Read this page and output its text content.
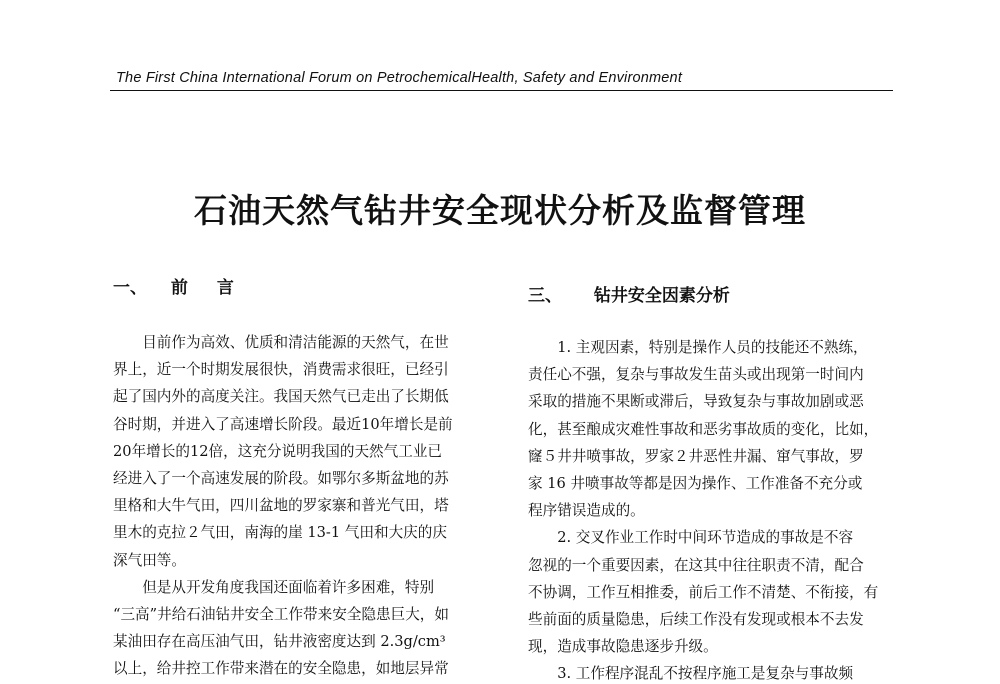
The First China International Forum on PetrochemicalHealth, Safety and Environment
石油天然气钻井安全现状分析及监督管理
一、 前　言
　　目前作为高效、优质和清洁能源的天然气，在世
界上，近一个时期发展很快，消费需求很旺，已经引
起了国内外的高度关注。我国天然气已走出了长期低
谷时期，并进入了高速增长阶段。最近10年增长是前
20年增长的12倍，这充分说明我国的天然气工业已
经进入了一个高速发展的阶段。如鄂尔多斯盆地的苏
里格和大牛气田，四川盆地的罗家寨和普光气田，塔
里木的克拉２气田，南海的崖 13-1 气田和大庆的庆
深气田等。
　　但是从开发角度我国还面临着许多困难，特别
“三高”井给石油钻井安全工作带来安全隐患巨大，如
某油田存在高压油气田，钻井液密度达到 2.3g/cm³
以上，给井控工作带来潜在的安全隐患，如地层异常
三、 钻井安全因素分析
　　1. 主观因素，特别是操作人员的技能还不熟练，
责任心不强，复杂与事故发生苗头或出现第一时间内
采取的措施不果断或滞后，导致复杂与事故加剧或恶
化，甚至酿成灾难性事故和恶劣事故质的变化，比如，
窿５井井喷事故，罗家２井恶性井漏、窜气事故，罗
家 16 井喷事故等都是因为操作、工作准备不充分或
程序错误造成的。
　　2. 交叉作业工作时中间环节造成的事故是不容
忽视的一个重要因素，在这其中往往职责不清，配合
不协调，工作互相推委，前后工作不清楚、不衔接，有
些前面的质量隐患，后续工作没有发现或根本不去发
现，造成事故隐患逐步升级。
　　3. 工作程序混乱不按程序施工是复杂与事故频
